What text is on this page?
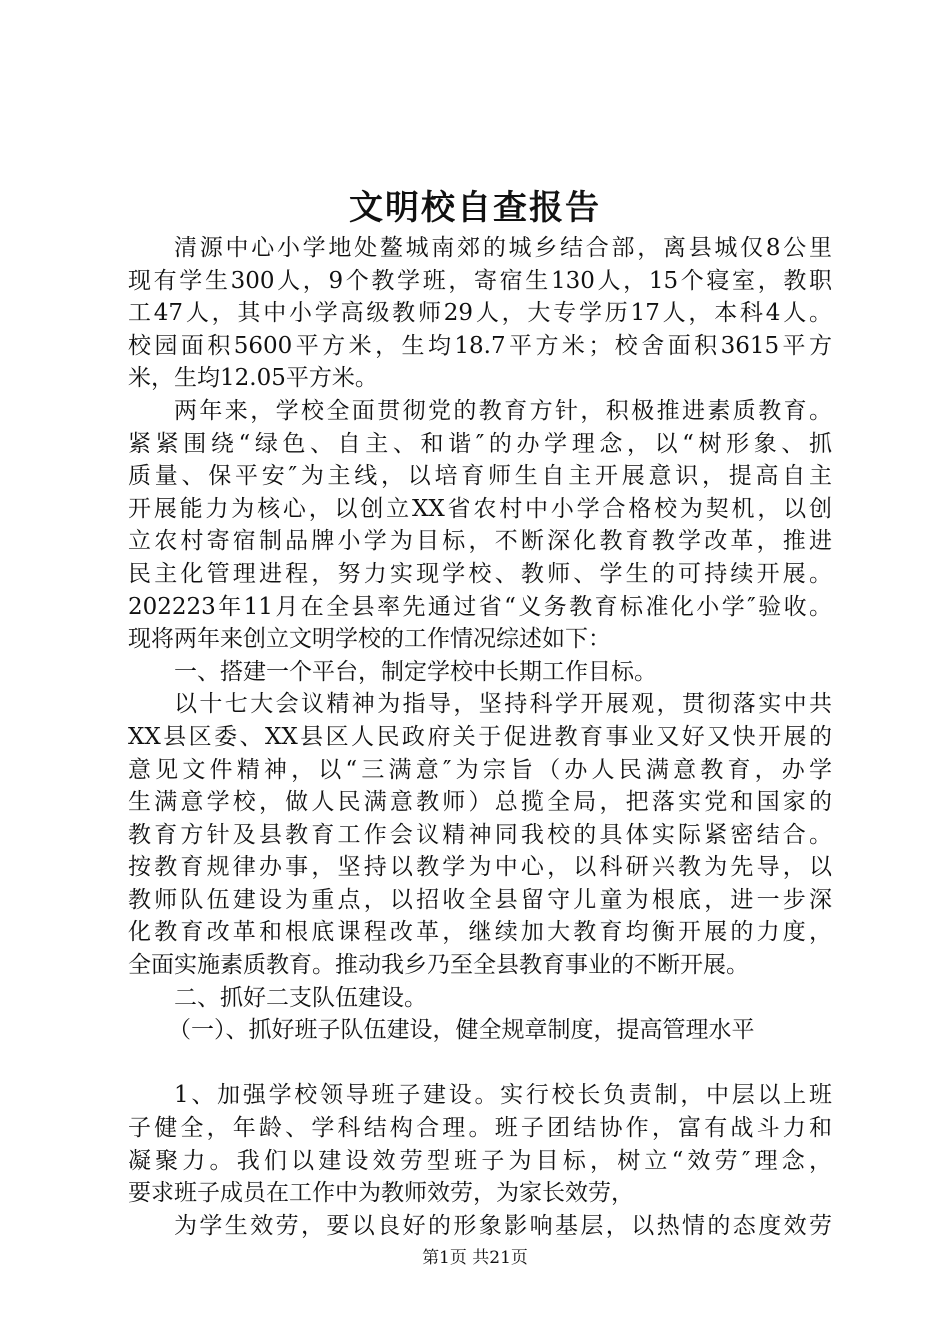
文明校自查报告
清源中心小学地处鳌城南郊的城乡结合部，离县城仅8公里
现有学生300人，9个教学班，寄宿生130人，15个寝室，教职
工47人，其中小学高级教师29人，大专学历17人，本科4人。
校园面积5600平方米，生均18.7平方米；校舍面积3615平方
米，生均12.05平方米。
两年来，学校全面贯彻党的教育方针，积极推进素质教育。
紧紧围绕“绿色、自主、和谐″的办学理念，以“树形象、抓
质量、保平安″为主线，以培育师生自主开展意识，提高自主
开展能力为核心，以创立XX省农村中小学合格校为契机，以创
立农村寄宿制品牌小学为目标，不断深化教育教学改革，推进
民主化管理进程，努力实现学校、教师、学生的可持续开展。
202223年11月在全县率先通过省“义务教育标准化小学″验收。
现将两年来创立文明学校的工作情况综述如下：
一、搭建一个平台，制定学校中长期工作目标。
以十七大会议精神为指导，坚持科学开展观，贯彻落实中共
XX县区委、XX县区人民政府关于促进教育事业又好又快开展的
意见文件精神，以“三满意″为宗旨（办人民满意教育，办学
生满意学校，做人民满意教师）总揽全局，把落实党和国家的
教育方针及县教育工作会议精神同我校的具体实际紧密结合。
按教育规律办事，坚持以教学为中心，以科研兴教为先导，以
教师队伍建设为重点，以招收全县留守儿童为根底，进一步深
化教育改革和根底课程改革，继续加大教育均衡开展的力度，
全面实施素质教育。推动我乡乃至全县教育事业的不断开展。
二、抓好二支队伍建设。
（一）、抓好班子队伍建设，健全规章制度，提高管理水平
1、加强学校领导班子建设。实行校长负责制，中层以上班
子健全，年龄、学科结构合理。班子团结协作，富有战斗力和
凝聚力。我们以建设效劳型班子为目标，树立“效劳″理念，
要求班子成员在工作中为教师效劳，为家长效劳，
为学生效劳，要以良好的形象影响基层，以热情的态度效劳
第1页 共21页
